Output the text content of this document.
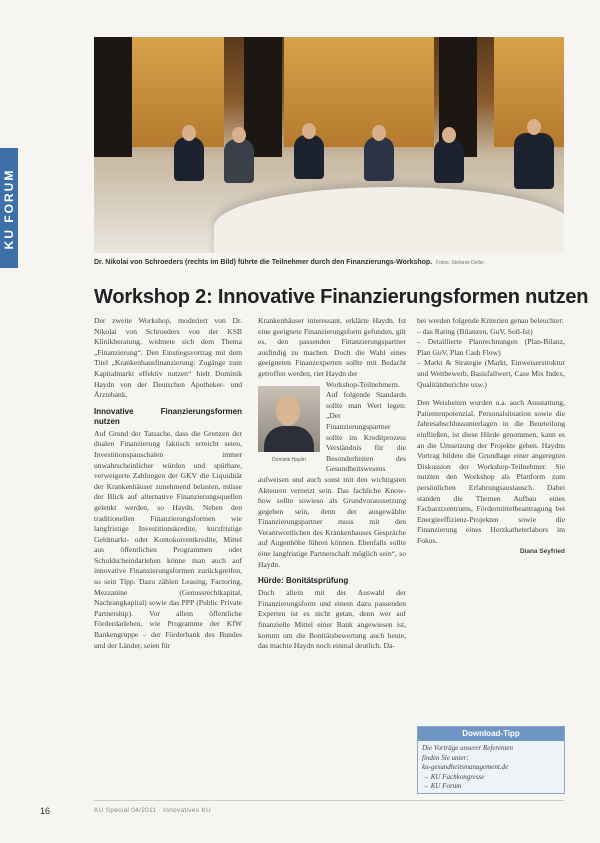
KU FORUM
Dr. Nikolai von Schroeders (rechts im Bild) führte die Teilnehmer durch den Finanzierungs-Workshop. Fotos: Stefanie Deller
Workshop 2: Innovative Finanzierungsformen nutzen

Der zweite Workshop, moderiert von Dr. Nikolai von Schroeders von der KSB Klinikberatung, widmete sich dem Thema „Finanzierung“. Den Einstiegsvortrag mit dem Titel „Krankenhausfinanzierung: Zugänge zum Kapitalmarkt effektiv nutzen“ hielt Dominik Haydn von der Deutschen Apotheker- und Ärztebank.

Innovative Finanzierungsformen nutzen

Auf Grund der Tatsache, dass die Grenzen der dualen Finanzierung faktisch erreicht seien, Investitionspauschalen immer unwahrscheinlicher würden und spürbare, verweigerte Zahlungen der GKV die Liquidität der Krankenhäuser zunehmend belasten, müsse der Blick auf alternative Finanzierungsquellen gelenkt werden, so Haydn. Neben den traditionellen Finanzierungsformen wie langfristige Investitionskredite, kurzfristige Geldmarkt- oder Kontokorrentkredite, Mittel aus öffentlichen Programmen oder Schuldscheindarlehen könne man auch auf innovative Finanzierungsformen zurückgreifen, so sein Tipp. Dazu zählen Leasing, Factoring, Mezzanine (Genussrechtkapital, Nachrangkapital) sowie das PPP (Public Private Partnership). Vor allem öffentliche Förderdarlehen, wie Programme der KfW Bankengruppe – der Förderbank des Bundes und der Länder, seien für

Krankenhäuser interessant, erklärte Haydn. Ist eine geeignete Finanzierungsform gefunden, gilt es, den passenden Finanzierungspartner ausfindig zu machen. Doch die Wahl eines geeigneten Finanzexperten sollte mit Bedacht getroffen werden, riet Haydn der

Dominik Haydn

Workshop-Teilnehmern. Auf folgende Standards sollte man Wert legen: „Der Finanzierungspartner sollte im Kreditprozess Verständnis für die Besonderheiten des Gesundheitswesens aufweisen und auch sonst mit den wichtigsten Akteuren vernetzt sein. Das fachliche Know-how sollte sowieso als Grundvoraussetzung gegeben sein, denn der ausgewählte Finanzierungspartner muss mit den Verantwortlichen des Krankenhauses Gespräche auf Augenhöhe führen können. Ebenfalls sollte eine langfristige Partnerschaft möglich sein“, so Haydn.

Hürde: Bonitätsprüfung

Doch allein mit der Auswahl der Finanzierungsform und einem dazu passenden Experten ist es nicht getan, denn wer auf finanzielle Mittel einer Bank angewiesen ist, kommt um die Bonitätsbewertung auch heute, das machte Haydn noch einmal deutlich. Da-

bei werden folgende Kriterien genau beleuchtet:

– das Rating (Bilanzen, GuV, Soll-Ist)
– Detaillierte Planrechnungen (Plan-Bilanz, Plan GuV, Plan Cash Flow)
– Markt & Strategie (Markt, Einweiserstruktur und Wettbewerb, Basisfallwert, Case Mix Index, Qualitätsberichte usw.)

Den Weisheiten wurden u.a. auch Ausstattung, Patientenpotenzial, Personalsituation sowie die Jahresabschlussunterlagen in die Beurteilung einfließen, ist diese Hürde genommen, kann es an die Umsetzung der Projekte gehen. Haydns Vortrag bildete die Grundlage einer angeregten Diskussion der Workshop-Teilnehmer. Sie nutzten den Workshop als Plattform zum persönlichen Erfahrungsaustausch. Dabei standen die Themen Aufbau eines Facharztzentrums, Fördermittelbeantragung bei Energieeffizienz-Projekten sowie die Finanzierung eines Herzkatheterlabors im Fokus.

Diana Seyfried
Download-Tipp
Die Vorträge unserer Referenten
finden Sie unter:
ku-gesundheitsmanagement.de
→ KU Fachkongresse
→ KU Forum
16	KU Special 04/2011 · Innovatives KU
